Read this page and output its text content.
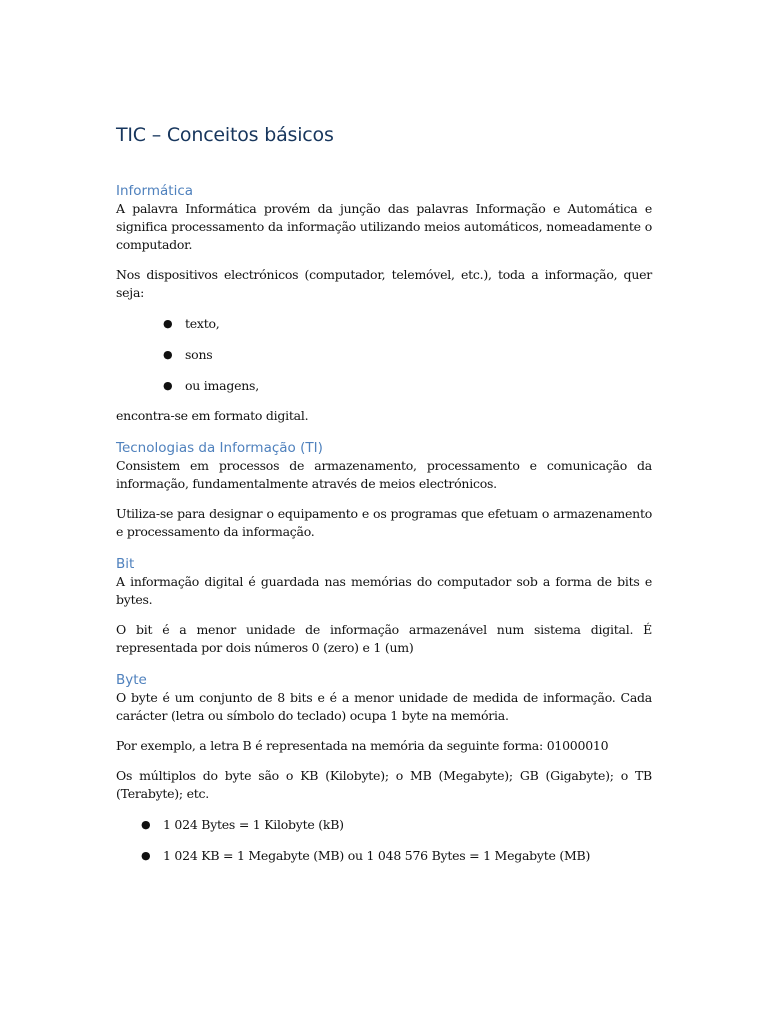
TIC – Conceitos básicos
Informática

A palavra Informática provém da junção das palavras Informação e Automática e significa processamento da informação utilizando meios automáticos, nomeadamente o computador.

Nos dispositivos electrónicos (computador, telemóvel, etc.), toda a informação, quer seja:

● texto,
● sons
● ou imagens,

encontra-se em formato digital.

Tecnologias da Informação (TI)

Consistem em processos de armazenamento, processamento e comunicação da informação, fundamentalmente através de meios electrónicos.

Utiliza-se para designar o equipamento e os programas que efetuam o armazenamento e processamento da informação.

Bit

A informação digital é guardada nas memórias do computador sob a forma de bits e bytes.

O bit é a menor unidade de informação armazenável num sistema digital. É representada por dois números 0 (zero) e 1 (um)

Byte

O byte é um conjunto de 8 bits e é a menor unidade de medida de informação. Cada carácter (letra ou símbolo do teclado) ocupa 1 byte na memória.

Por exemplo, a letra B é representada na memória da seguinte forma: 01000010

Os múltiplos do byte são o KB (Kilobyte); o MB (Megabyte); GB (Gigabyte); o TB (Terabyte); etc.

● 1 024 Bytes = 1 Kilobyte (kB)
● 1 024 KB = 1 Megabyte (MB) ou 1 048 576 Bytes = 1 Megabyte (MB)
